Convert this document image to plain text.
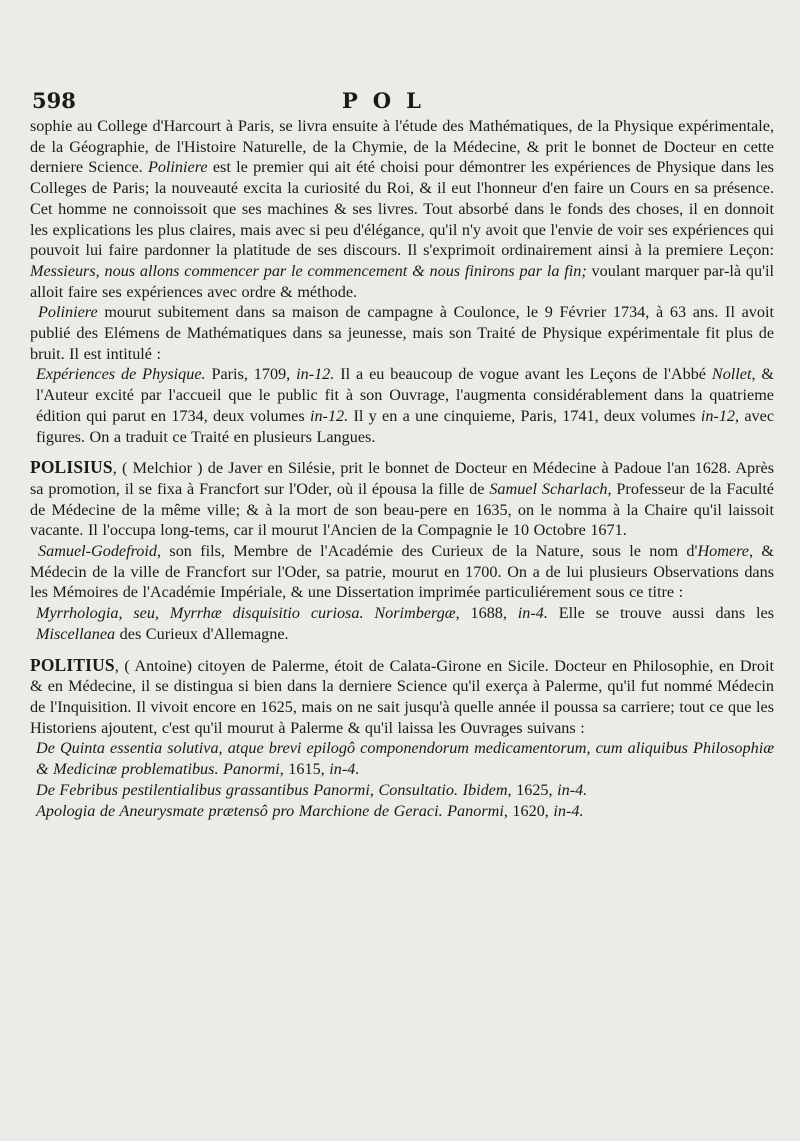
598	POL

sophie au College d'Harcourt à Paris, se livra ensuite à l'étude des Mathématiques, de la Physique expérimentale, de la Géographie, de l'Histoire Naturelle, de la Chymie, de la Médecine, & prit le bonnet de Docteur en cette derniere Science. Poliniere est le premier qui ait été choisi pour démontrer les expériences de Physique dans les Colleges de Paris; la nouveauté excita la curiosité du Roi, & il eut l'honneur d'en faire un Cours en sa présence. Cet homme ne connoissoit que ses machines & ses livres. Tout absorbé dans le fonds des choses, il en donnoit les explications les plus claires, mais avec si peu d'élégance, qu'il n'y avoit que l'envie de voir ses expériences qui pouvoit lui faire pardonner la platitude de ses discours. Il s'exprimoit ordinairement ainsi à la premiere Leçon: Messieurs, nous allons commencer par le commencement & nous finirons par la fin; voulant marquer par-là qu'il alloit faire ses expériences avec ordre & méthode.

Poliniere mourut subitement dans sa maison de campagne à Coulonce, le 9 Février 1734, à 63 ans. Il avoit publié des Elémens de Mathématiques dans sa jeunesse, mais son Traité de Physique expérimentale fit plus de bruit. Il est intitulé :

Expériences de Physique. Paris, 1709, in-12. Il a eu beaucoup de vogue avant les Leçons de l'Abbé Nollet, & l'Auteur excité par l'accueil que le public fit à son Ouvrage, l'augmenta considérablement dans la quatrieme édition qui parut en 1734, deux volumes in-12. Il y en a une cinquieme, Paris, 1741, deux volumes in-12, avec figures. On a traduit ce Traité en plusieurs Langues.

POLISIUS, ( Melchior ) de Javer en Silésie, prit le bonnet de Docteur en Médecine à Padoue l'an 1628. Après sa promotion, il se fixa à Francfort sur l'Oder, où il épousa la fille de Samuel Scharlach, Professeur de la Faculté de Médecine de la même ville; & à la mort de son beau-pere en 1635, on le nomma à la Chaire qu'il laissoit vacante. Il l'occupa long-tems, car il mourut l'Ancien de la Compagnie le 10 Octobre 1671.

Samuel-Godefroid, son fils, Membre de l'Académie des Curieux de la Nature, sous le nom d'Homere, & Médecin de la ville de Francfort sur l'Oder, sa patrie, mourut en 1700. On a de lui plusieurs Observations dans les Mémoires de l'Académie Impériale, & une Dissertation imprimée particuliérement sous ce titre :

Myrrhologia, seu, Myrrhæ disquisitio curiosa. Norimbergæ, 1688, in-4. Elle se trouve aussi dans les Miscellanea des Curieux d'Allemagne.

POLITIUS, ( Antoine) citoyen de Palerme, étoit de Calata-Girone en Sicile. Docteur en Philosophie, en Droit & en Médecine, il se distingua si bien dans la derniere Science qu'il exerça à Palerme, qu'il fut nommé Médecin de l'Inquisition. Il vivoit encore en 1625, mais on ne sait jusqu'à quelle année il poussa sa carriere; tout ce que les Historiens ajoutent, c'est qu'il mourut à Palerme & qu'il laissa les Ouvrages suivans :

De Quinta essentia solutiva, atque brevi epilogô componendorum medicamentorum, cum aliquibus Philosophiæ & Medicinæ problematibus. Panormi, 1615, in-4.

De Febribus pestilentialibus grassantibus Panormi, Consultatio. Ibidem, 1625, in-4.

Apologia de Aneurysmate prætensô pro Marchione de Geraci. Panormi, 1620, in-4.
